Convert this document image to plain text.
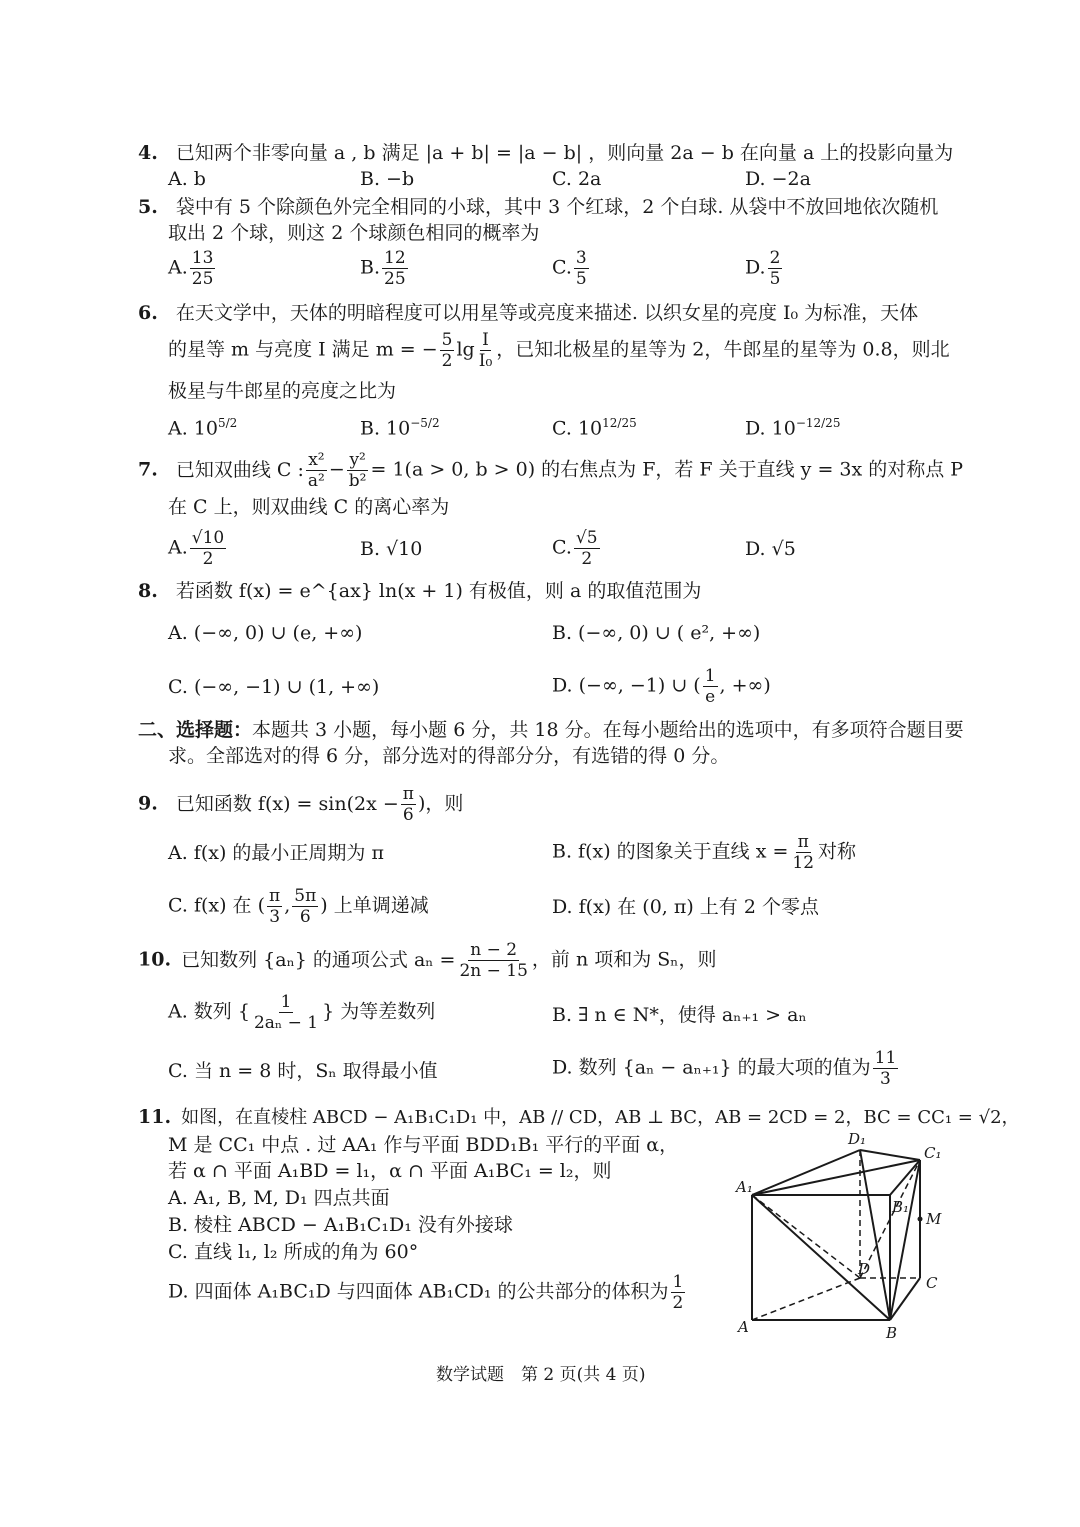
4. 已知两个非零向量 a , b 满足 |a + b| = |a − b| ，则向量 2a − b 在向量 a 上的投影向量为
A. b	B. −b	C. 2a	D. −2a
5. 袋中有 5 个除颜色外完全相同的小球，其中 3 个红球，2 个白球. 从袋中不放回地依次随机
取出 2 个球，则这 2 个球颜色相同的概率为
A. $\frac{13}{25}$	B. $\frac{12}{25}$	C. $\frac{3}{5}$	D. $\frac{2}{5}$
6. 在天文学中，天体的明暗程度可以用星等或亮度来描述. 以织女星的亮度 I₀ 为标准，天体
的星等 m 与亮度 I 满足 m = − $\frac{5}{2}$ $\lg \frac{I}{\text{I₀}}$ ，已知北极星的星等为 2，牛郎星的星等为 0.8，则北
极星与牛郎星的亮度之比为
A. $10^{5/2}$	B. $10^{-5/2}$	C. $10^{12/25}$	D. $10^{-12/25}$
7. 已知双曲线 C : $\frac{\text{x²}}{\text{a²}} - \frac{\text{y²}}{\text{b²}} = 1(a > 0$, b > 0) 的右焦点为 F，若 F 关于直线 y = 3x 的对称点 P
在 C 上，则双曲线 C 的离心率为
A. $\frac{√10}{2}$	B. √10	C. $\frac{√5}{2}$	D. √5
8. 若函数 f(x) = e^{ax} ln(x + 1) 有极值，则 a 的取值范围为
A. (−∞, 0) ∪ (e, +∞)	B. (−∞, 0) ∪ ( e², +∞)
C. (−∞, −1) ∪ (1, +∞)	D. (−∞, −1) ∪ ( $\frac{1}{e}$ , +∞)
二、选择题：本题共 3 小题，每小题 6 分，共 18 分。在每小题给出的选项中，有多项符合题目要
求。全部选对的得 6 分，部分选对的得部分分，有选错的得 0 分。
9. 已知函数 $f(x) = \sin(2x - \frac{\pi}{6}$ )，则
A. f(x) 的最小正周期为 π	B. f(x) 的图象关于直线 $x = \frac{\pi}{12}$ 对称
C. f(x) 在 ( $\frac{\pi}{3}$ , $\frac{5\pi}{6}$ ) 上单调递减	D. f(x) 在 (0, π) 上有 2 个零点
10. 已知数列 {aₙ} 的通项公式 $a_n = \frac{n - 2}{2n - 15}$ ，前 n 项和为 Sₙ，则
A. 数列 { $\frac{1}{\text{2aₙ − 1}}$ } 为等差数列	B. ∃ n ∈ N*，使得 aₙ₊₁ > aₙ
C. 当 n = 8 时，Sₙ 取得最小值	D. 数列 {aₙ − aₙ₊₁} 的最大项的值为 $\frac{11}{3}$
11. 如图，在直棱柱 ABCD − A₁B₁C₁D₁ 中，AB // CD，AB ⊥ BC，AB = 2CD = 2，BC = CC₁ = √2，
M 是 CC₁ 中点 . 过 AA₁ 作与平面 BDD₁B₁ 平行的平面 α，
若 α ∩ 平面 A₁BD = l₁，α ∩ 平面 A₁BC₁ = l₂，则
A. A₁, B, M, D₁ 四点共面
B. 棱柱 ABCD − A₁B₁C₁D₁ 没有外接球
C. 直线 l₁, l₂ 所成的角为 60°
D. 四面体 A₁BC₁D 与四面体 AB₁CD₁ 的公共部分的体积为 $\frac{1}{2}$
A₁
D₁
C₁
B₁
M
D
C
A	B
数学试题　第 2 页(共 4 页)
